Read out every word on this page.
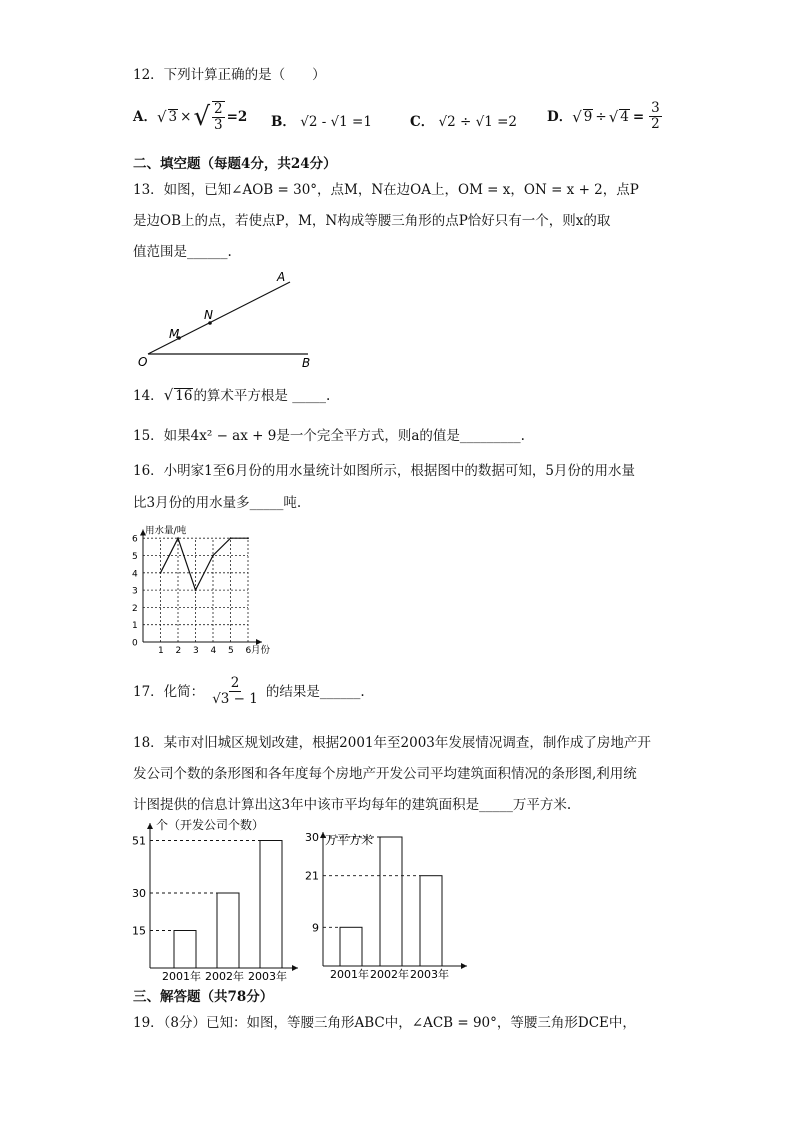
12．下列计算正确的是（　　）
A． √ 3 × √ $\frac{2}{3} =2$ B． √2 - √1 =1	C． √2 ÷ √1 =2 D． √ 9 ÷ √ $4 = \frac{3}{2}$
二、填空题（每题4分，共24分）
13．如图，已知∠AOB = 30°，点M，N在边OA上，OM = x，ON = x + 2，点P
是边OB上的点，若使点P，M，N构成等腰三角形的点P恰好只有一个，则x的取
值范围是______.
A
N
M
O	B
14．√ 16的算术平方根是 _____.
15．如果4x² − ax + 9是一个完全平方式，则a的值是_________.
16．小明家1至6月份的用水量统计如图所示，根据图中的数据可知，5月份的用水量
比3月份的用水量多_____吨.
0
1
2
3
4
5
6
1 2 3 4 5 6
用水量/吨
月份
17．化简： $\frac{2}{√3 - 1}$ 的结果是______.
18．某市对旧城区规划改建，根据2001年至2003年发展情况调查，制作成了房地产开
发公司个数的条形图和各年度每个房地产开发公司平均建筑面积情况的条形图,利用统
计图提供的信息计算出这3年中该市平均每年的建筑面积是_____万平方米.
个（开发公司个数）
15
2001年
30
2002年
51
2003年
万平方米
9
2001年
30
2002年
21
2003年
三、解答题（共78分）
19．（8分）已知：如图，等腰三角形ABC中，∠ACB = 90°，等腰三角形DCE中，
